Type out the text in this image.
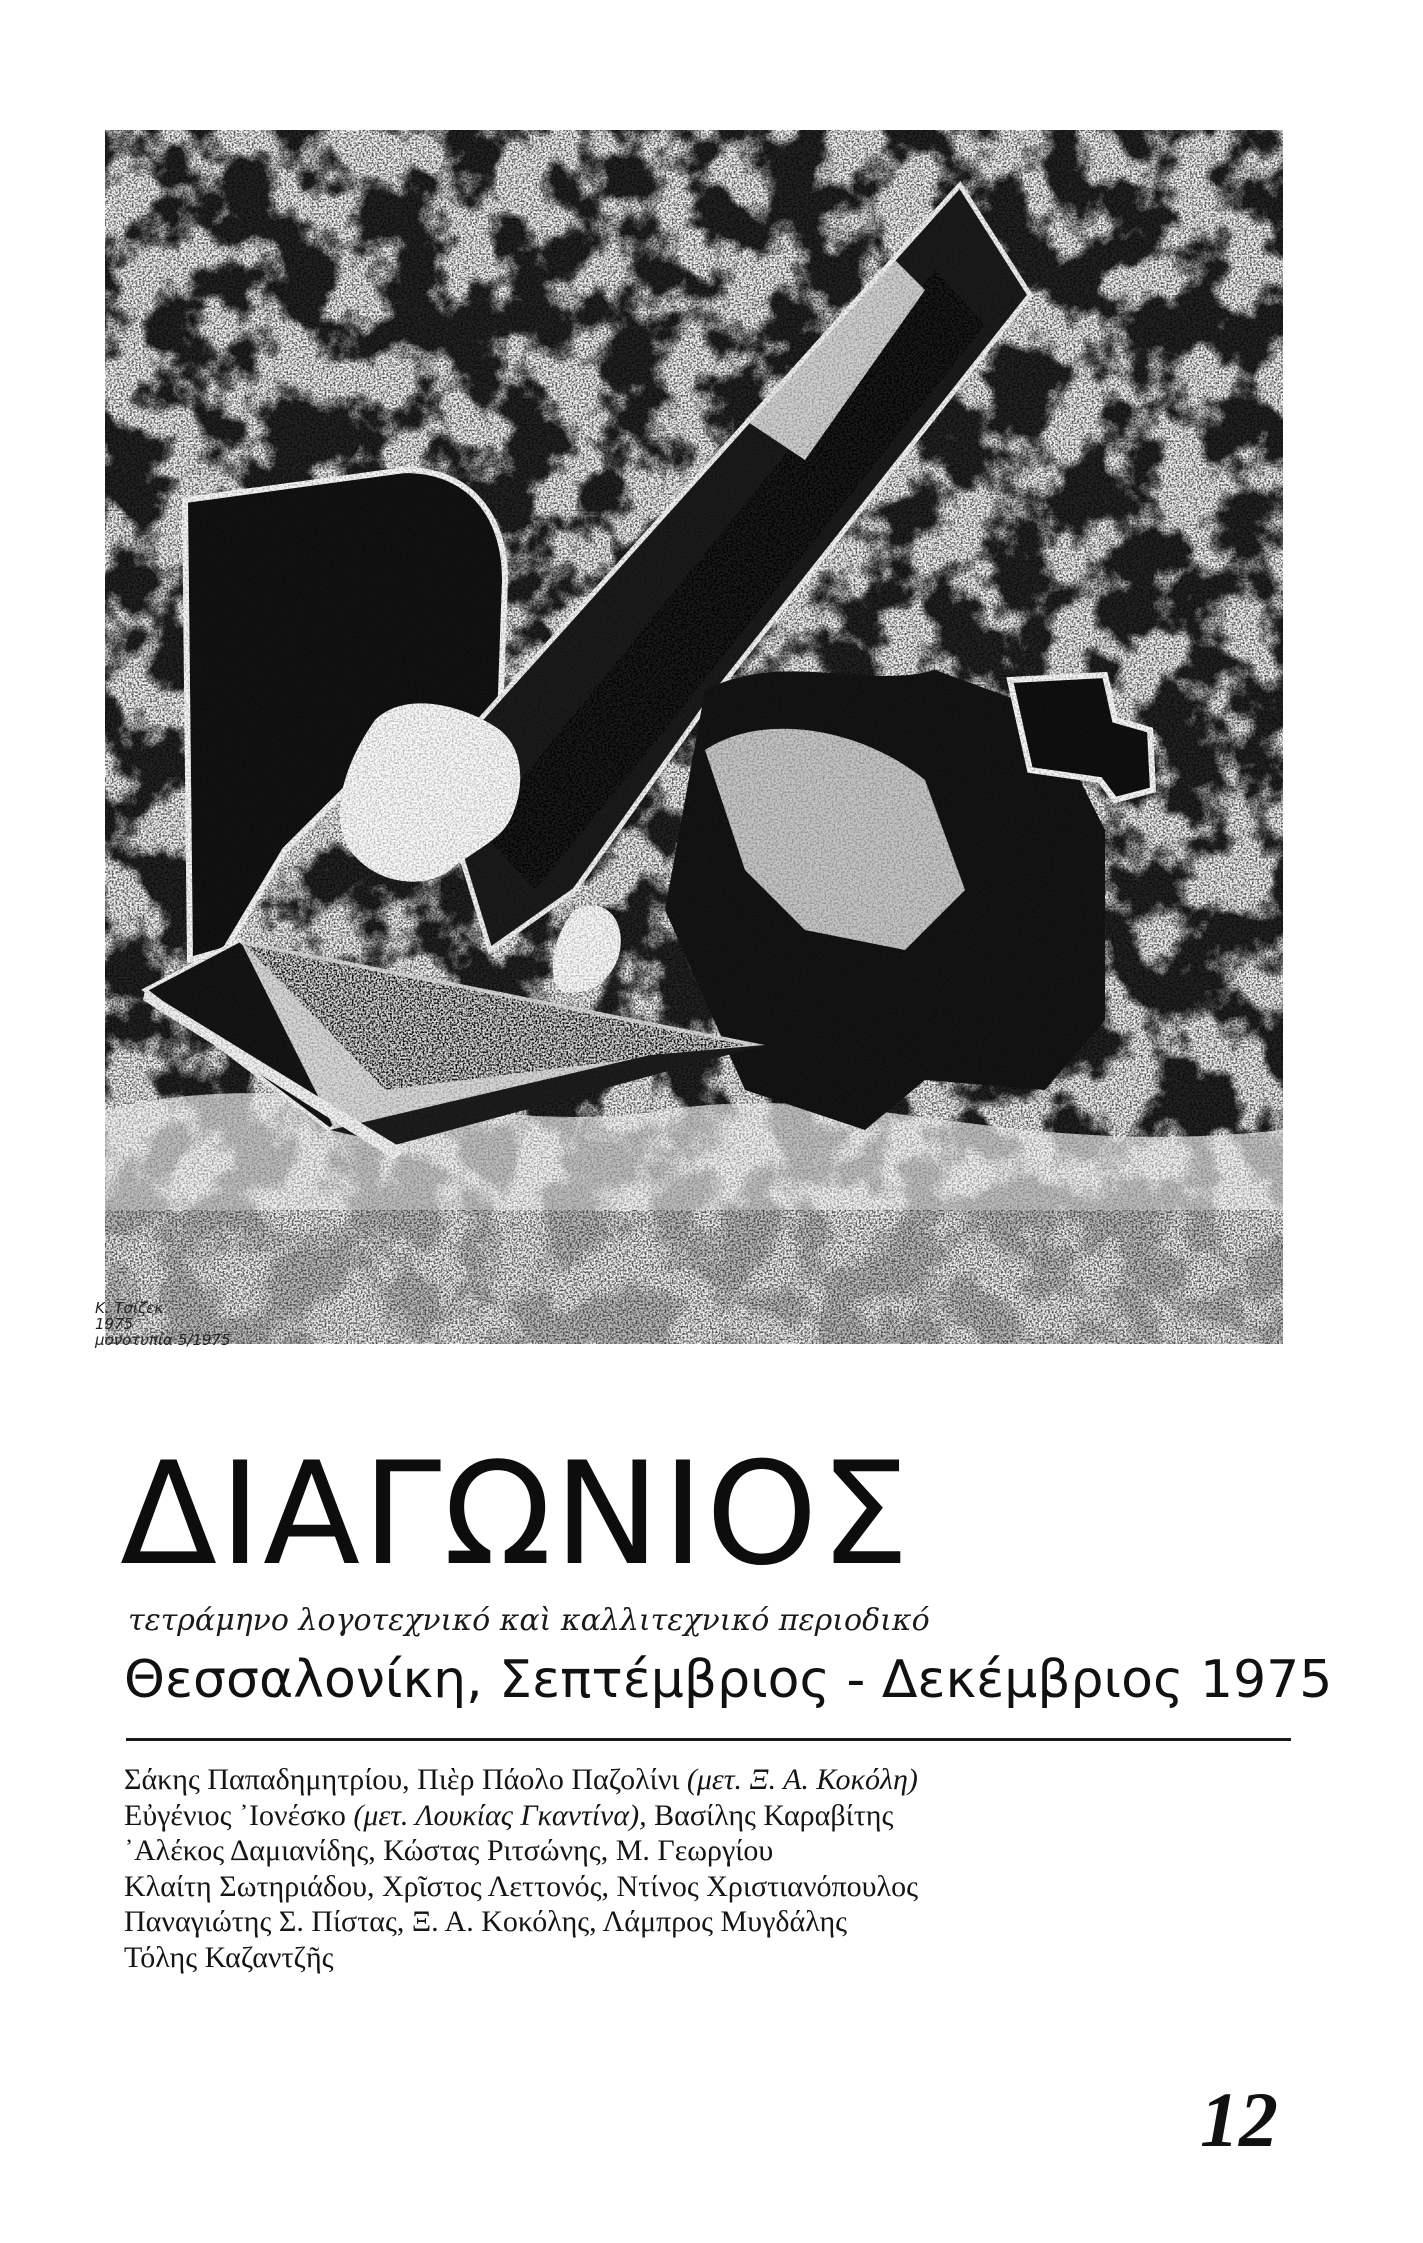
Κ. Τσίζεκ
1975
μονοτυπία 5/1975
ΔΙΑΓΩΝΙΟΣ
τετράμηνο λογοτεχνικό καὶ καλλιτεχνικό περιοδικό
Θεσσαλονίκη, Σεπτέμβριος - Δεκέμβριος 1975
Σάκης Παπαδημητρίου, Πιὲρ Πάολο Παζολίνι (μετ. Ξ. Α. Κοκόλη)
Εὐγένιος ᾽Ιονέσκο (μετ. Λουκίας Γκαντίνα), Βασίλης Καραβίτης
᾽Αλέκος Δαμιανίδης, Κώστας Ριτσώνης, Μ. Γεωργίου
Κλαίτη Σωτηριάδου, Χρῖστος Λεττονός, Ντίνος Χριστιανόπουλος
Παναγιώτης Σ. Πίστας, Ξ. Α. Κοκόλης, Λάμπρος Μυγδάλης
Τόλης Καζαντζῆς
12
